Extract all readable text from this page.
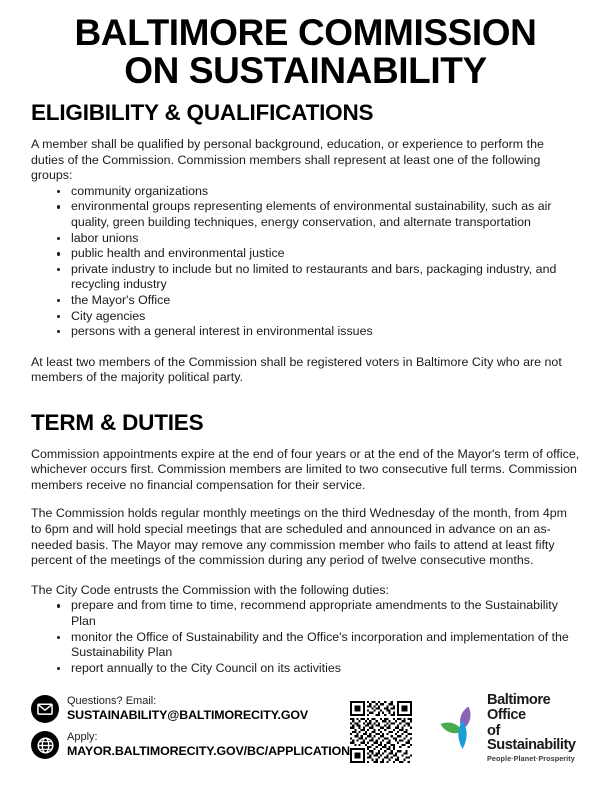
BALTIMORE COMMISSION
ON SUSTAINABILITY
ELIGIBILITY & QUALIFICATIONS

A member shall be qualified by personal background, education, or experience to perform the duties of the Commission. Commission members shall represent at least one of the following groups:

community organizations
environmental groups representing elements of environmental sustainability, such as air quality, green building techniques, energy conservation, and alternate transportation
labor unions
public health and environmental justice
private industry to include but no limited to restaurants and bars, packaging industry, and recycling industry
the Mayor's Office
City agencies
persons with a general interest in environmental issues

At least two members of the Commission shall be registered voters in Baltimore City who are not members of the majority political party.

TERM & DUTIES

Commission appointments expire at the end of four years or at the end of the Mayor's term of office, whichever occurs first. Commission members are limited to two consecutive full terms. Commission members receive no financial compensation for their service.

The Commission holds regular monthly meetings on the third Wednesday of the month, from 4pm to 6pm and will hold special meetings that are scheduled and announced in advance on an as-needed basis. The Mayor may remove any commission member who fails to attend at least fifty percent of the meetings of the commission during any period of twelve consecutive months.

The City Code entrusts the Commission with the following duties:

prepare and from time to time, recommend appropriate amendments to the Sustainability Plan
monitor the Office of Sustainability and the Office's incorporation and implementation of the Sustainability Plan
report annually to the City Council on its activities
Questions? Email:
SUSTAINABILITY@BALTIMORECITY.GOV
Apply:
MAYOR.BALTIMORECITY.GOV/BC/APPLICATION
Baltimore Office
of Sustainability
People·Planet·Prosperity
